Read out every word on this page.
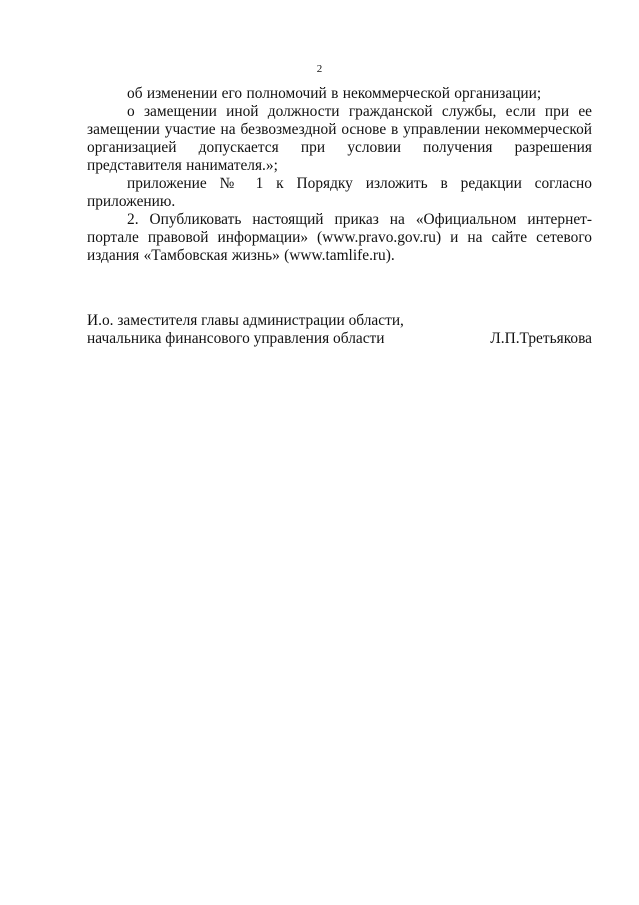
2

об изменении его полномочий в некоммерческой организации;

о замещении иной должности гражданской службы, если при ее замещении участие на безвозмездной основе в управлении некоммерческой организацией допускается при условии получения разрешения представителя нанимателя.»;

приложение № 1 к Порядку изложить в редакции согласно приложению.

2. Опубликовать настоящий приказ на «Официальном интернет-портале правовой информации» (www.pravo.gov.ru) и на сайте сетевого издания «Тамбовская жизнь» (www.tamlife.ru).

И.о. заместителя главы администрации области,
начальника финансового управления области	Л.П.Третьякова
